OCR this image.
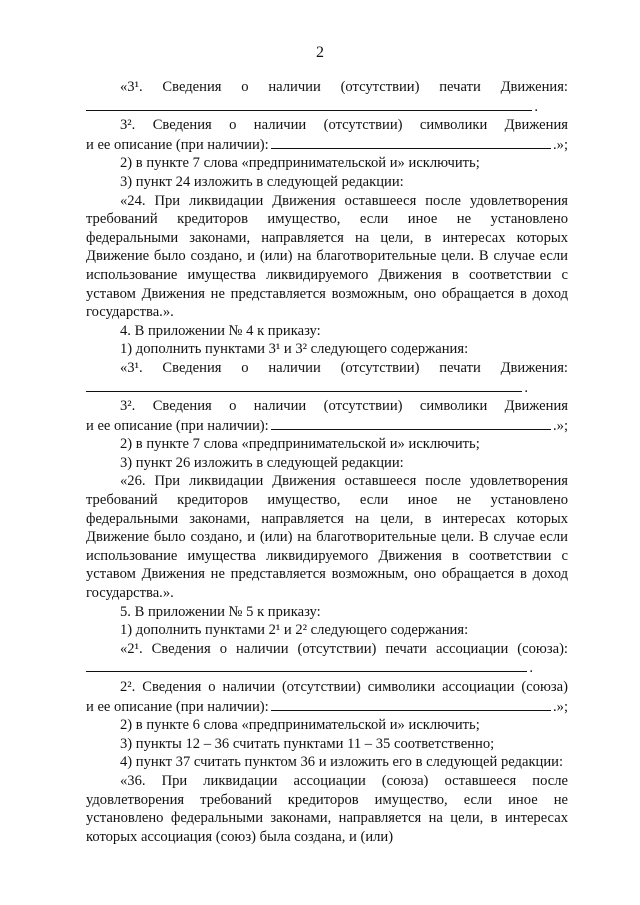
2

«3¹. Сведения о наличии (отсутствии) печати Движения:

.

3². Сведения о наличии (отсутствии) символики Движения

и ее описание (при наличии):	.»;

2) в пункте 7 слова «предпринимательской и» исключить;

3) пункт 24 изложить в следующей редакции:

«24. При ликвидации Движения оставшееся после удовлетворения требований кредиторов имущество, если иное не установлено федеральными законами, направляется на цели, в интересах которых Движение было создано, и (или) на благотворительные цели. В случае если использование имущества ликвидируемого Движения в соответствии с уставом Движения не представляется возможным, оно обращается в доход государства.».

4. В приложении № 4 к приказу:

1) дополнить пунктами 3¹ и 3² следующего содержания:

«3¹. Сведения о наличии (отсутствии) печати Движения:

.

3². Сведения о наличии (отсутствии) символики Движения

и ее описание (при наличии):	.»;

2) в пункте 7 слова «предпринимательской и» исключить;

3) пункт 26 изложить в следующей редакции:

«26. При ликвидации Движения оставшееся после удовлетворения требований кредиторов имущество, если иное не установлено федеральными законами, направляется на цели, в интересах которых Движение было создано, и (или) на благотворительные цели. В случае если использование имущества ликвидируемого Движения в соответствии с уставом Движения не представляется возможным, оно обращается в доход государства.».

5. В приложении № 5 к приказу:

1) дополнить пунктами 2¹ и 2² следующего содержания:

«2¹. Сведения о наличии (отсутствии) печати ассоциации (союза):

.

2². Сведения о наличии (отсутствии) символики ассоциации (союза)

и ее описание (при наличии):	.»;

2) в пункте 6 слова «предпринимательской и» исключить;

3) пункты 12 – 36 считать пунктами 11 – 35 соответственно;

4) пункт 37 считать пунктом 36 и изложить его в следующей редакции:

«36. При ликвидации ассоциации (союза) оставшееся после удовлетворения требований кредиторов имущество, если иное не установлено федеральными законами, направляется на цели, в интересах которых ассоциация (союз) была создана, и (или)
